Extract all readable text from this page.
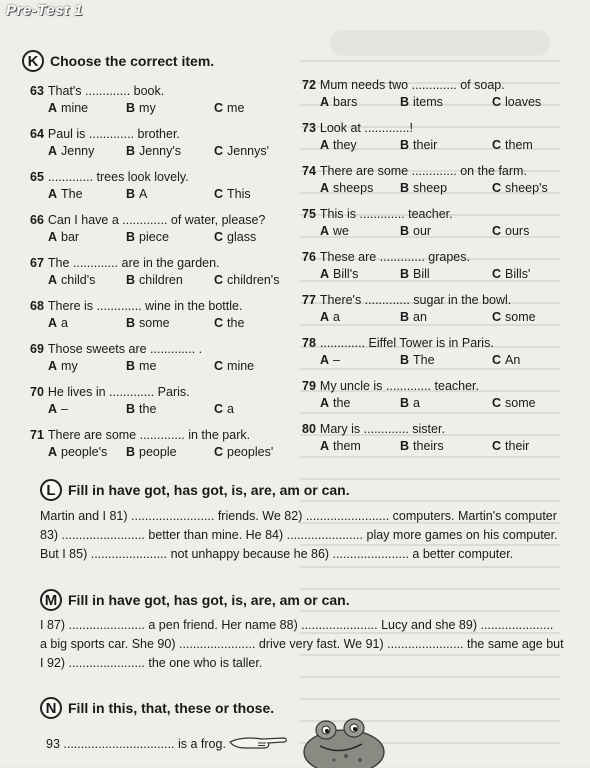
Pre-Test 1
K Choose the correct item.
63 That's ............. book.
A mine	B my	C me
64 Paul is ............. brother.
A Jenny	B Jenny's	C Jennys'
65 ............. trees look lovely.
A The	B A	C This
66 Can I have a ............. of water, please?
A bar	B piece	C glass
67 The ............. are in the garden.
A child's	B children	C children's
68 There is ............. wine in the bottle.
A a	B some	C the
69 Those sweets are ............. .
A my	B me	C mine
70 He lives in ............. Paris.
A –	B the	C a
71 There are some ............. in the park.
A people's	B people	C peoples'
72 Mum needs two ............. of soap.
A bars	B items	C loaves
73 Look at .............!
A they	B their	C them
74 There are some ............. on the farm.
A sheeps	B sheep	C sheep's
75 This is ............. teacher.
A we	B our	C ours
76 These are ............. grapes.
A Bill's	B Bill	C Bills'
77 There's ............. sugar in the bowl.
A a	B an	C some
78 ............. Eiffel Tower is in Paris.
A –	B The	C An
79 My uncle is ............. teacher.
A the	B a	C some
80 Mary is ............. sister.
A them	B theirs	C their
L Fill in have got, has got, is, are, am or can.

Martin and I 81) ........................ friends. We 82) ........................ computers. Martin's computer

83) ........................ better than mine. He 84) ...................... play more games on his computer.

But I 85) ...................... not unhappy because he 86) ...................... a better computer.

M Fill in have got, has got, is, are, am or can.

I 87) ...................... a pen friend. Her name 88) ...................... Lucy and she 89) .....................

a big sports car. She 90) ...................... drive very fast. We 91) ...................... the same age but

I 92) ...................... the one who is taller.

N Fill in this, that, these or those.
93 ................................ is a frog.
